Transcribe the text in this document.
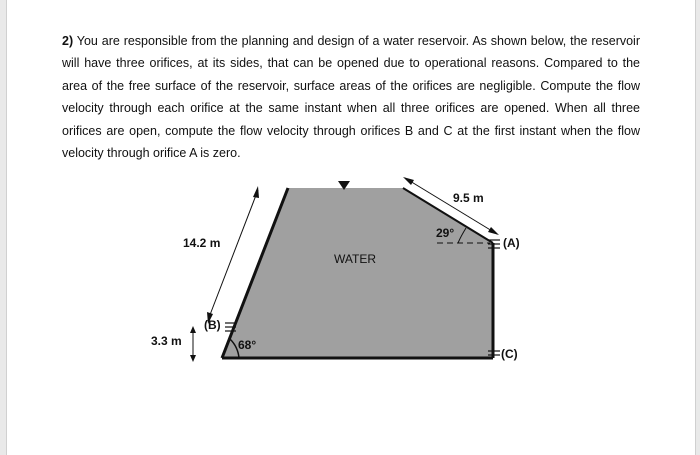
2) You are responsible from the planning and design of a water reservoir. As shown below, the reservoir will have three orifices, at its sides, that can be opened due to operational reasons. Compared to the area of the free surface of the reservoir, surface areas of the orifices are negligible. Compute the flow velocity through each orifice at the same instant when all three orifices are opened. When all three orifices are open, compute the flow velocity through orifices B and C at the first instant when the flow velocity through orifice A is zero.

14.2 m
9.5 m
29°
(A)
(C)
(B)
3.3 m	68°
WATER
